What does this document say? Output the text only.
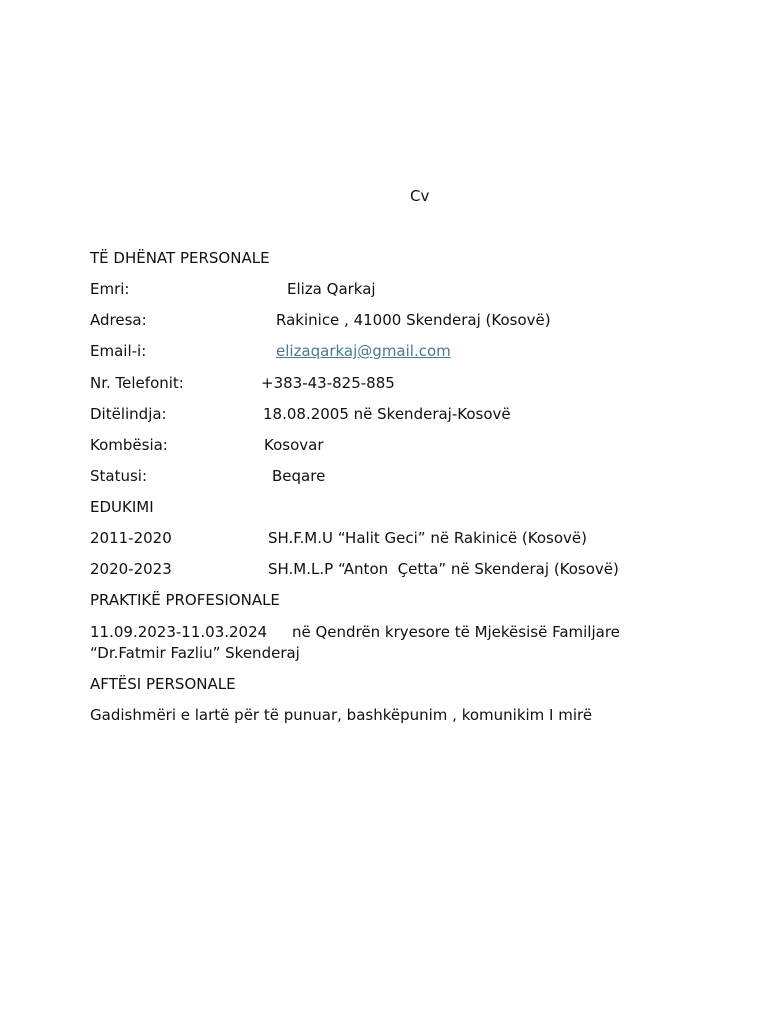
Cv
TË DHËNAT PERSONALE
Emri:	Eliza Qarkaj
Adresa:	Rakinice , 41000 Skenderaj (Kosovë)
Email-i:	elizaqarkaj@gmail.com
Nr. Telefonit:	+383-43-825-885
Ditëlindja:	18.08.2005 në Skenderaj-Kosovë
Kombësia:	Kosovar
Statusi:	Beqare
EDUKIMI
2011-2020	SH.F.M.U “Halit Geci” në Rakinicë (Kosovë)
2020-2023	SH.M.L.P “Anton  Çetta” në Skenderaj (Kosovë)
PRAKTIKË PROFESIONALE
11.09.2023-11.03.2024 në Qendrën kryesore të Mjekësisë Familjare
“Dr.Fatmir Fazliu” Skenderaj
AFTËSI PERSONALE
Gadishmëri e lartë për të punuar, bashkëpunim , komunikim I mirë
